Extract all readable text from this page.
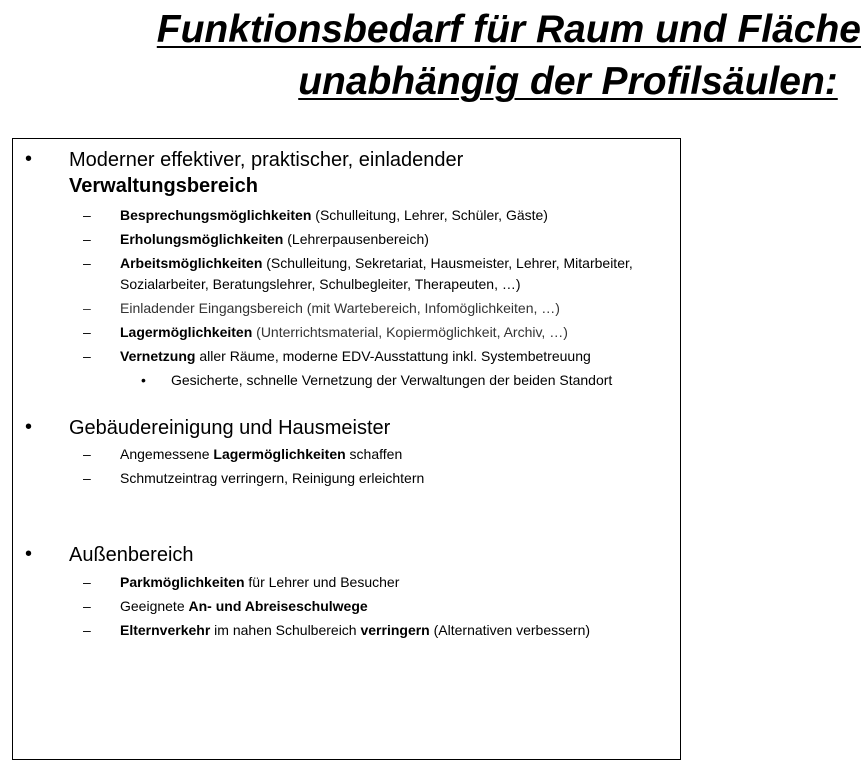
Funktionsbedarf für Raum und Fläche
unabhängig der Profilsäulen:
• Moderner effektiver, praktischer, einladender
Verwaltungsbereich
– Besprechungsmöglichkeiten (Schulleitung, Lehrer, Schüler, Gäste)
– Erholungsmöglichkeiten (Lehrerpausenbereich)
– Arbeitsmöglichkeiten (Schulleitung, Sekretariat, Hausmeister, Lehrer, Mitarbeiter, Sozialarbeiter, Beratungslehrer, Schulbegleiter, Therapeuten, …)
– Einladender Eingangsbereich (mit Wartebereich, Infomöglichkeiten, …)
– Lagermöglichkeiten (Unterrichtsmaterial, Kopiermöglichkeit, Archiv, …)
– Vernetzung aller Räume, moderne EDV-Ausstattung inkl. Systembetreuung
• Gesicherte, schnelle Vernetzung der Verwaltungen der beiden Standort
• Gebäudereinigung und Hausmeister
– Angemessene Lagermöglichkeiten schaffen
– Schmutzeintrag verringern, Reinigung erleichtern
• Außenbereich
– Parkmöglichkeiten für Lehrer und Besucher
– Geeignete An- und Abreiseschulwege
– Elternverkehr im nahen Schulbereich verringern (Alternativen verbessern)
